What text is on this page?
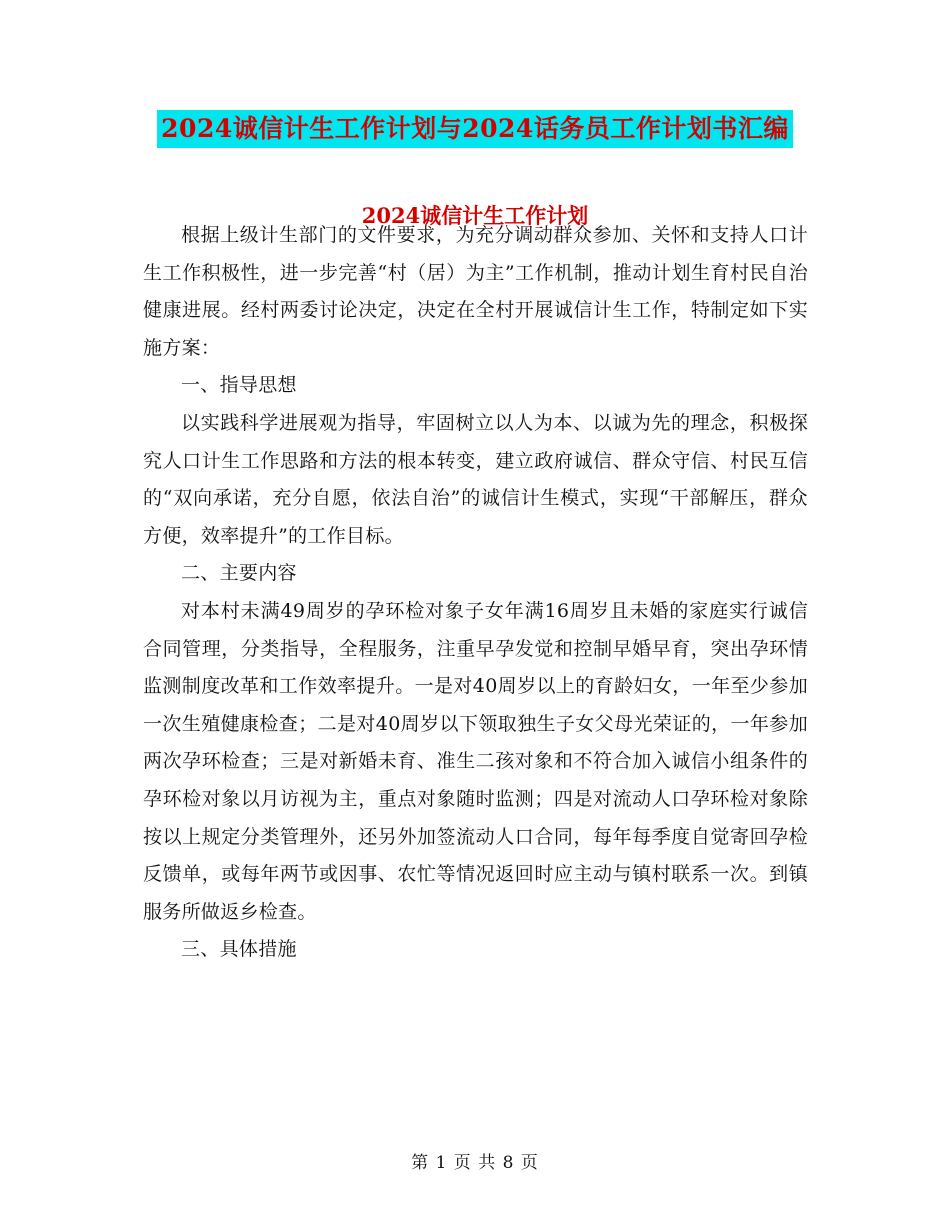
2024诚信计生工作计划与2024话务员工作计划书汇编
2024诚信计生工作计划

根据上级计生部门的文件要求，为充分调动群众参加、关怀和支持人口计生工作积极性，进一步完善“村（居）为主”工作机制，推动计划生育村民自治健康进展。经村两委讨论决定，决定在全村开展诚信计生工作，特制定如下实施方案：

一、指导思想

以实践科学进展观为指导，牢固树立以人为本、以诚为先的理念，积极探究人口计生工作思路和方法的根本转变，建立政府诚信、群众守信、村民互信的“双向承诺，充分自愿，依法自治”的诚信计生模式，实现“干部解压，群众方便，效率提升”的工作目标。

二、主要内容

对本村未满49周岁的孕环检对象子女年满16周岁且未婚的家庭实行诚信合同管理，分类指导，全程服务，注重早孕发觉和控制早婚早育，突出孕环情监测制度改革和工作效率提升。一是对40周岁以上的育龄妇女，一年至少参加一次生殖健康检查；二是对40周岁以下领取独生子女父母光荣证的，一年参加两次孕环检查；三是对新婚未育、准生二孩对象和不符合加入诚信小组条件的孕环检对象以月访视为主，重点对象随时监测；四是对流动人口孕环检对象除按以上规定分类管理外，还另外加签流动人口合同，每年每季度自觉寄回孕检反馈单，或每年两节或因事、农忙等情况返回时应主动与镇村联系一次。到镇服务所做返乡检查。

三、具体措施

第 1 页 共 8 页
